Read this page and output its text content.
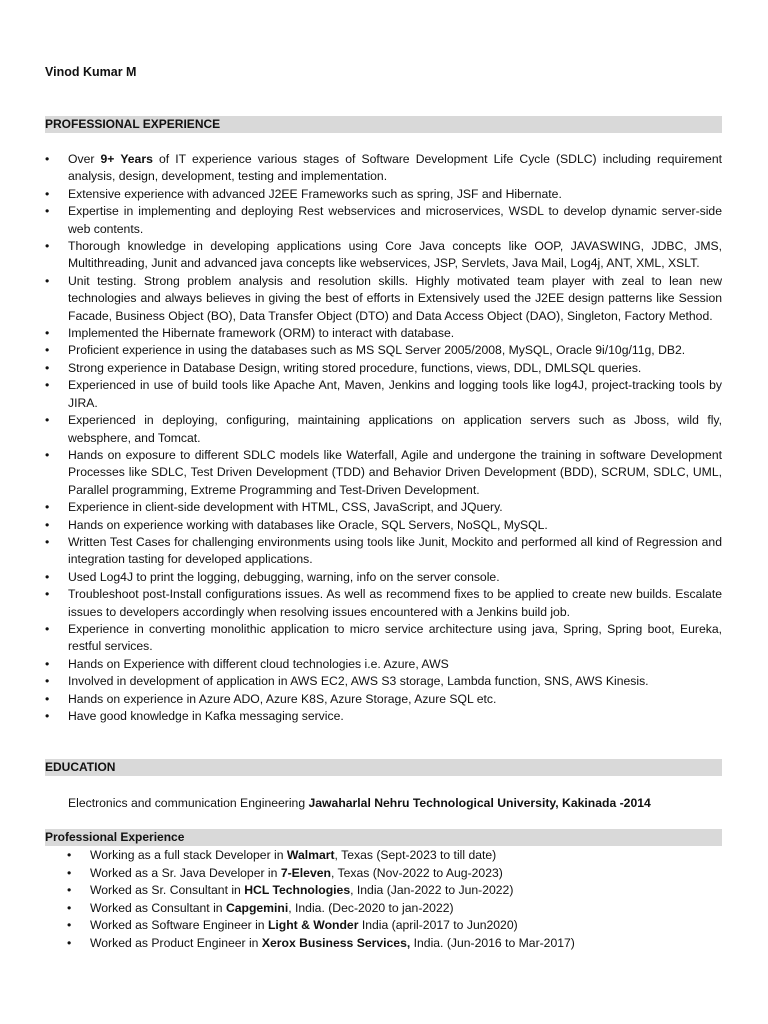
Vinod Kumar M
PROFESSIONAL EXPERIENCE
• Over 9+ Years of IT experience various stages of Software Development Life Cycle (SDLC) including requirement analysis, design, development, testing and implementation.
• Extensive experience with advanced J2EE Frameworks such as spring, JSF and Hibernate.
• Expertise in implementing and deploying Rest webservices and microservices, WSDL to develop dynamic server-side web contents.
• Thorough knowledge in developing applications using Core Java concepts like OOP, JAVASWING, JDBC, JMS, Multithreading, Junit and advanced java concepts like webservices, JSP, Servlets, Java Mail, Log4j, ANT, XML, XSLT.
• Unit testing. Strong problem analysis and resolution skills. Highly motivated team player with zeal to lean new technologies and always believes in giving the best of efforts in Extensively used the J2EE design patterns like Session Facade, Business Object (BO), Data Transfer Object (DTO) and Data Access Object (DAO), Singleton, Factory Method.
• Implemented the Hibernate framework (ORM) to interact with database.
• Proficient experience in using the databases such as MS SQL Server 2005/2008, MySQL, Oracle 9i/10g/11g, DB2.
• Strong experience in Database Design, writing stored procedure, functions, views, DDL, DMLSQL queries.
• Experienced in use of build tools like Apache Ant, Maven, Jenkins and logging tools like log4J, project-tracking tools by JIRA.
• Experienced in deploying, configuring, maintaining applications on application servers such as Jboss, wild fly, websphere, and Tomcat.
• Hands on exposure to different SDLC models like Waterfall, Agile and undergone the training in software Development Processes like SDLC, Test Driven Development (TDD) and Behavior Driven Development (BDD), SCRUM, SDLC, UML, Parallel programming, Extreme Programming and Test-Driven Development.
• Experience in client-side development with HTML, CSS, JavaScript, and JQuery.
• Hands on experience working with databases like Oracle, SQL Servers, NoSQL, MySQL.
• Written Test Cases for challenging environments using tools like Junit, Mockito and performed all kind of Regression and integration tasting for developed applications.
• Used Log4J to print the logging, debugging, warning, info on the server console.
• Troubleshoot post-Install configurations issues. As well as recommend fixes to be applied to create new builds. Escalate issues to developers accordingly when resolving issues encountered with a Jenkins build job.
• Experience in converting monolithic application to micro service architecture using java, Spring, Spring boot, Eureka, restful services.
• Hands on Experience with different cloud technologies i.e. Azure, AWS
• Involved in development of application in AWS EC2, AWS S3 storage, Lambda function, SNS, AWS Kinesis.
• Hands on experience in Azure ADO, Azure K8S, Azure Storage, Azure SQL etc.
• Have good knowledge in Kafka messaging service.
EDUCATION
Electronics and communication Engineering Jawaharlal Nehru Technological University, Kakinada -2014
Professional Experience
• Working as a full stack Developer in Walmart, Texas (Sept-2023 to till date)
• Worked as a Sr. Java Developer in 7-Eleven, Texas (Nov-2022 to Aug-2023)
• Worked as Sr. Consultant in HCL Technologies, India (Jan-2022 to Jun-2022)
• Worked as Consultant in Capgemini, India. (Dec-2020 to jan-2022)
• Worked as Software Engineer in Light & Wonder India (april-2017 to Jun2020)
• Worked as Product Engineer in Xerox Business Services, India. (Jun-2016 to Mar-2017)
